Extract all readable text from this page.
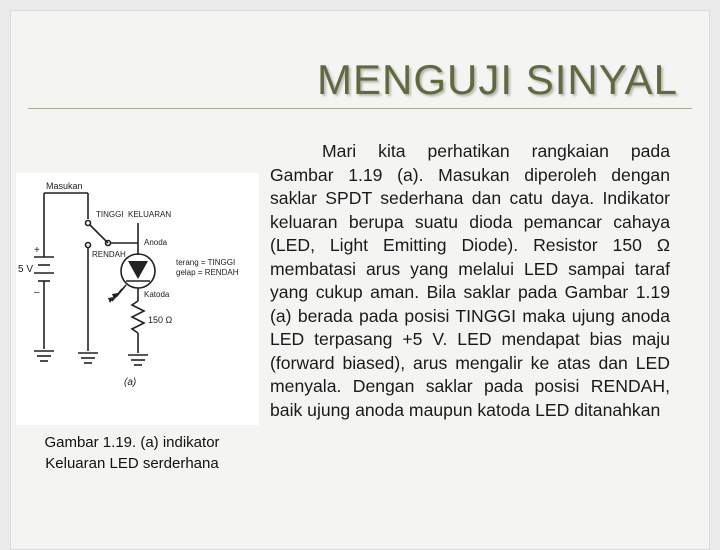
MENGUJI SINYAL
Masukan
TINGGI KELUARAN
RENDAH
Anoda
Katoda
terang = TINGGI
gelap = RENDAH
5 V
+
–
150 Ω
(a)
Gambar 1.19. (a) indikator Keluaran LED serderhana

Mari kita perhatikan rangkaian pada Gambar 1.19 (a). Masukan diperoleh dengan saklar SPDT sederhana dan catu daya. Indikator keluaran berupa suatu dioda pemancar cahaya (LED, Light Emitting Diode). Resistor 150 Ω membatasi arus yang melalui LED sampai taraf yang cukup aman. Bila saklar pada Gambar 1.19 (a) berada pada posisi TINGGI maka ujung anoda LED terpasang +5 V. LED mendapat bias maju (forward biased), arus mengalir ke atas dan LED menyala. Dengan saklar pada posisi RENDAH, baik ujung anoda maupun katoda LED ditanahkan
